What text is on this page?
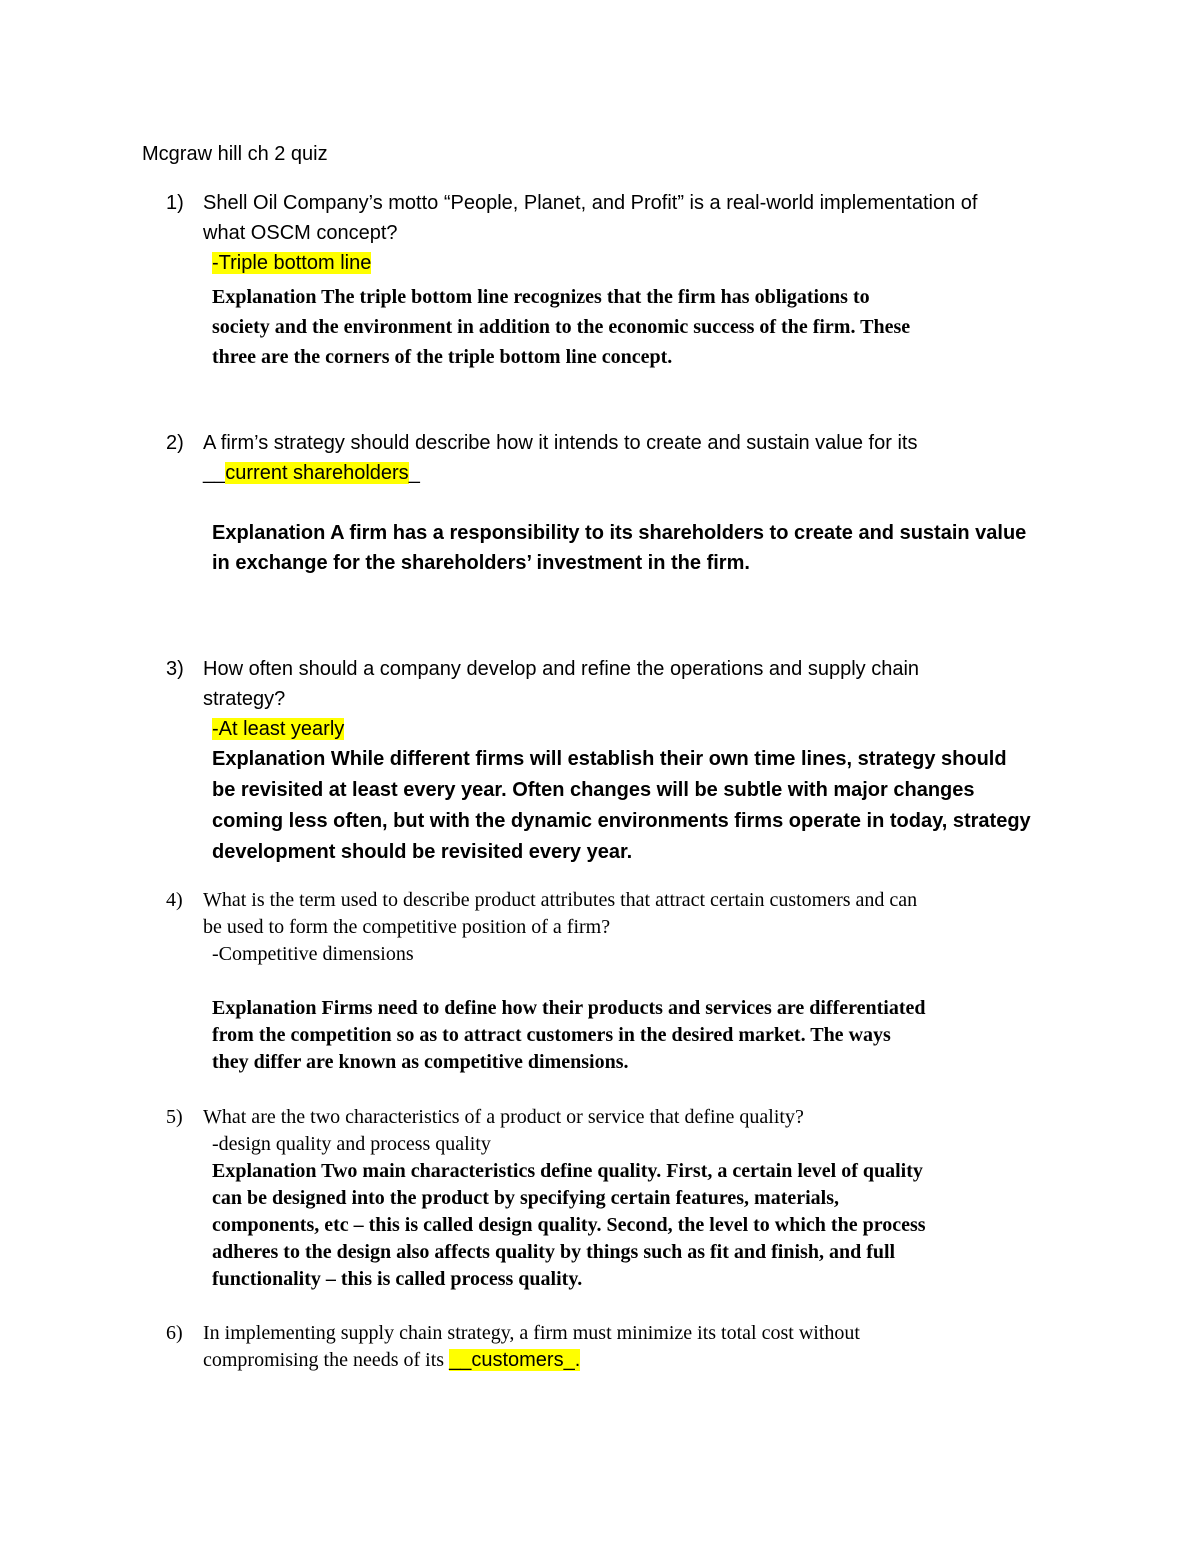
Mcgraw hill ch 2 quiz
1) Shell Oil Company’s motto “People, Planet, and Profit” is a real-world implementation of
what OSCM concept?
-Triple bottom line
Explanation The triple bottom line recognizes that the firm has obligations to
society and the environment in addition to the economic success of the firm. These
three are the corners of the triple bottom line concept.
2) A firm’s strategy should describe how it intends to create and sustain value for its
__current shareholders_

Explanation A firm has a responsibility to its shareholders to create and sustain value
in exchange for the shareholders’ investment in the firm.
3) How often should a company develop and refine the operations and supply chain
strategy?
-At least yearly
Explanation While different firms will establish their own time lines, strategy should
be revisited at least every year. Often changes will be subtle with major changes
coming less often, but with the dynamic environments firms operate in today, strategy
development should be revisited every year.
4) What is the term used to describe product attributes that attract certain customers and can
be used to form the competitive position of a firm?
-Competitive dimensions

Explanation Firms need to define how their products and services are differentiated
from the competition so as to attract customers in the desired market. The ways
they differ are known as competitive dimensions.
5) What are the two characteristics of a product or service that define quality?
-design quality and process quality
Explanation Two main characteristics define quality. First, a certain level of quality
can be designed into the product by specifying certain features, materials,
components, etc – this is called design quality. Second, the level to which the process
adheres to the design also affects quality by things such as fit and finish, and full
functionality – this is called process quality.
6) In implementing supply chain strategy, a firm must minimize its total cost without
compromising the needs of its __customers_.
